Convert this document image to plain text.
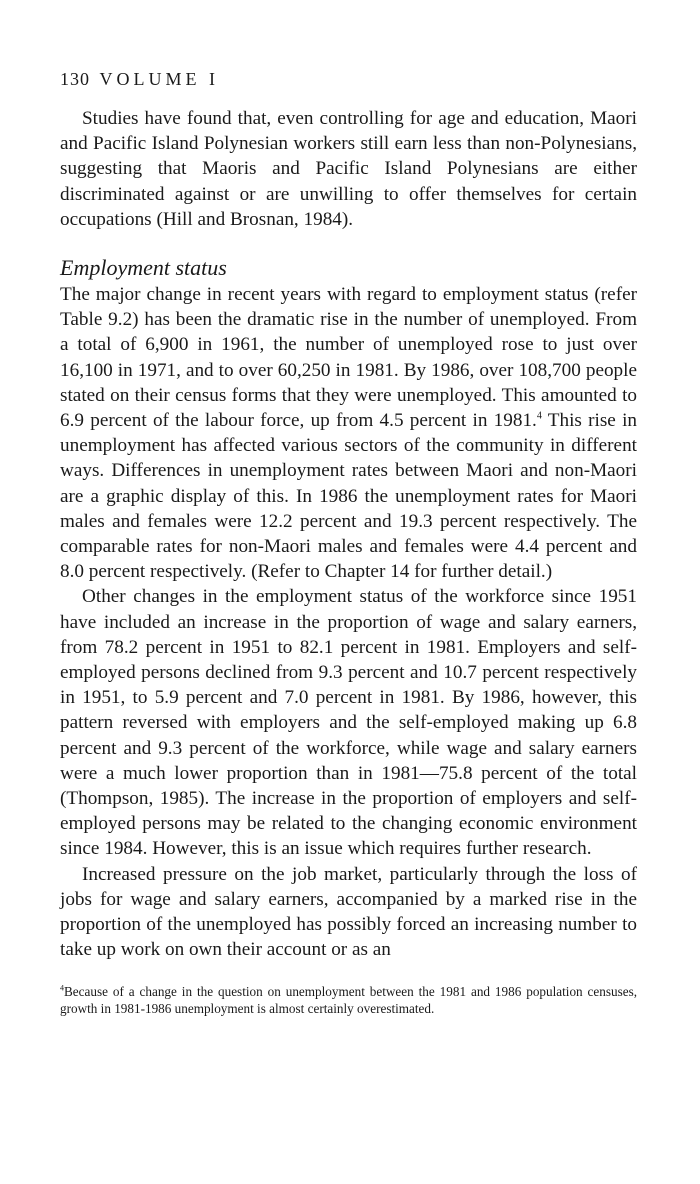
130 VOLUME I

Studies have found that, even controlling for age and education, Maori and Pacific Island Polynesian workers still earn less than non-Polynesians, suggesting that Maoris and Pacific Island Polynesians are either discriminated against or are unwilling to offer themselves for certain occupations (Hill and Brosnan, 1984).

Employment status

The major change in recent years with regard to employment status (refer Table 9.2) has been the dramatic rise in the number of unemployed. From a total of 6,900 in 1961, the number of unemployed rose to just over 16,100 in 1971, and to over 60,250 in 1981. By 1986, over 108,700 people stated on their census forms that they were unemployed. This amounted to 6.9 percent of the labour force, up from 4.5 percent in 1981.$^4$ This rise in unemployment has affected various sectors of the community in different ways. Differences in unemployment rates between Maori and non-Maori are a graphic display of this. In 1986 the unemployment rates for Maori males and females were 12.2 percent and 19.3 percent respectively. The comparable rates for non-Maori males and females were 4.4 percent and 8.0 percent respectively. (Refer to Chapter 14 for further detail.)

Other changes in the employment status of the workforce since 1951 have included an increase in the proportion of wage and salary earners, from 78.2 percent in 1951 to 82.1 percent in 1981. Employers and self-employed persons declined from 9.3 percent and 10.7 percent respectively in 1951, to 5.9 percent and 7.0 percent in 1981. By 1986, however, this pattern reversed with employers and the self-employed making up 6.8 percent and 9.3 percent of the workforce, while wage and salary earners were a much lower proportion than in 1981—75.8 percent of the total (Thompson, 1985). The increase in the proportion of employers and self-employed persons may be related to the changing economic environment since 1984. However, this is an issue which requires further research.

Increased pressure on the job market, particularly through the loss of jobs for wage and salary earners, accompanied by a marked rise in the proportion of the unemployed has possibly forced an increasing number to take up work on own their account or as an

$^4$Because of a change in the question on unemployment between the 1981 and 1986 population censuses, growth in 1981-1986 unemployment is almost certainly overestimated.
